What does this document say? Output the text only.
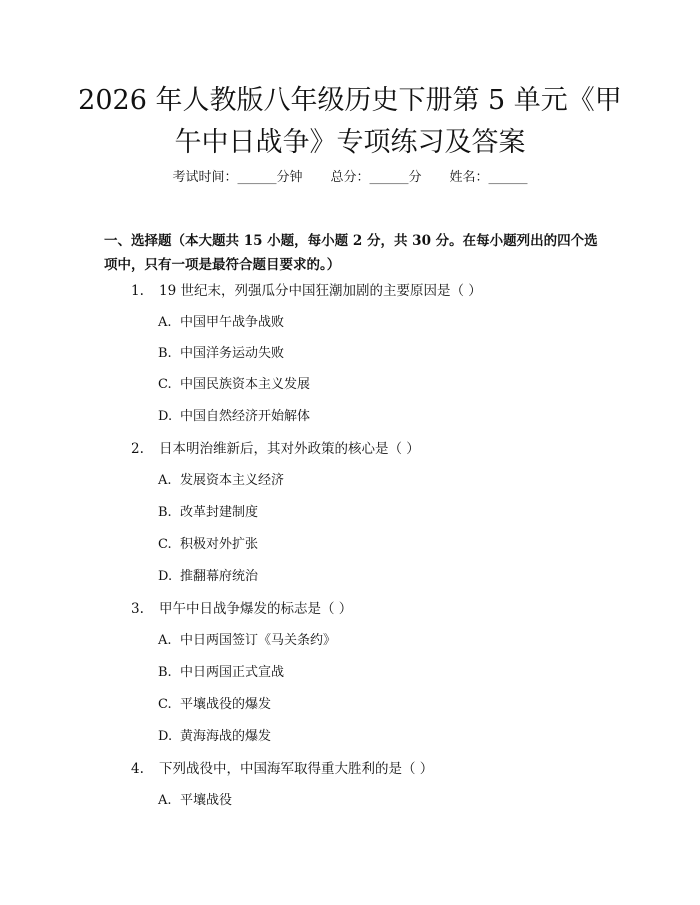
2026 年人教版八年级历史下册第 5 单元《甲
午中日战争》专项练习及答案
考试时间：______分钟 总分：______分 姓名：______

一、选择题（本大题共 15 小题，每小题 2 分，共 30 分。在每小题列出的四个选
项中，只有一项是最符合题目要求的。）

1. 19 世纪末，列强瓜分中国狂潮加剧的主要原因是（ ）
A. 中国甲午战争战败
B. 中国洋务运动失败
C. 中国民族资本主义发展
D. 中国自然经济开始解体
2. 日本明治维新后，其对外政策的核心是（ ）
A. 发展资本主义经济
B. 改革封建制度
C. 积极对外扩张
D. 推翻幕府统治
3. 甲午中日战争爆发的标志是（ ）
A. 中日两国签订《马关条约》
B. 中日两国正式宣战
C. 平壤战役的爆发
D. 黄海海战的爆发
4. 下列战役中，中国海军取得重大胜利的是（ ）
A. 平壤战役
